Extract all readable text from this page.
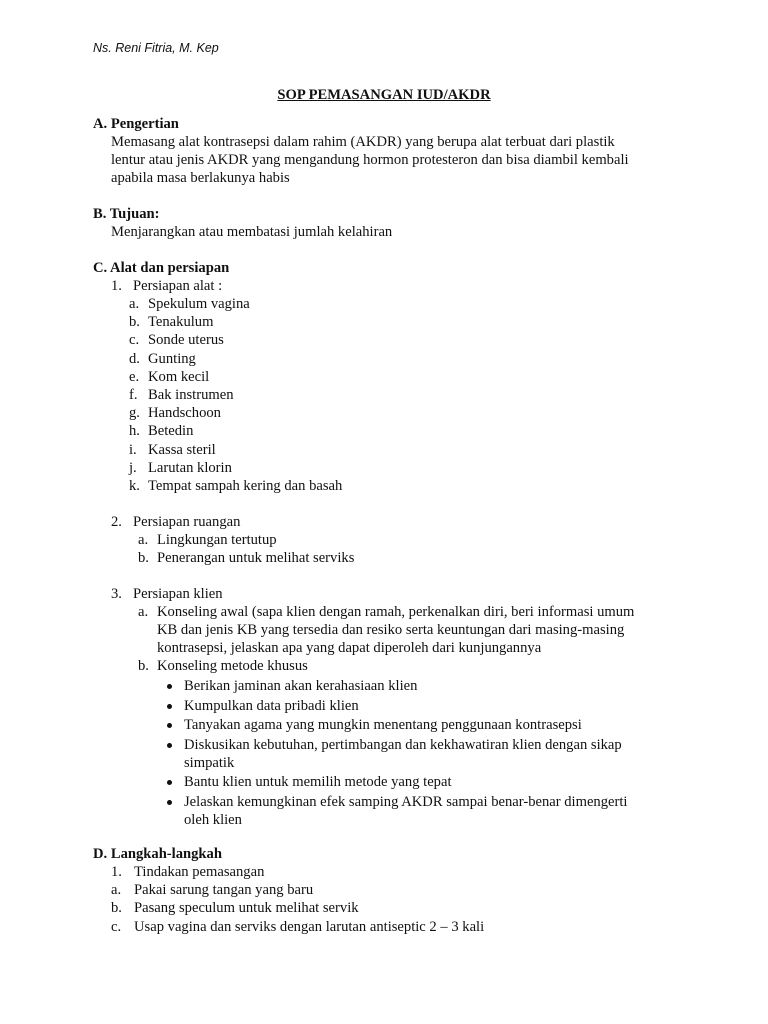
Ns. Reni Fitria, M. Kep
SOP PEMASANGAN IUD/AKDR
A. Pengertian
Memasang alat kontrasepsi dalam rahim (AKDR) yang berupa alat terbuat dari plastik
lentur atau jenis AKDR yang mengandung hormon protesteron dan bisa diambil kembali
apabila masa berlakunya habis
B. Tujuan:
Menjarangkan atau membatasi jumlah kelahiran
C. Alat dan persiapan
1. Persiapan alat :
a. Spekulum vagina
b. Tenakulum
c. Sonde uterus
d. Gunting
e. Kom kecil
f. Bak instrumen
g. Handschoon
h. Betedin
i. Kassa steril
j. Larutan klorin
k. Tempat sampah kering dan basah
2. Persiapan ruangan
a. Lingkungan tertutup
b. Penerangan untuk melihat serviks
3. Persiapan klien
a. Konseling awal (sapa klien dengan ramah, perkenalkan diri, beri informasi umum
KB dan jenis KB yang tersedia dan resiko serta keuntungan dari masing-masing
kontrasepsi, jelaskan apa yang dapat diperoleh dari kunjungannya
b. Konseling metode khusus
Berikan jaminan akan kerahasiaan klien
Kumpulkan data pribadi klien
Tanyakan agama yang mungkin menentang penggunaan kontrasepsi
Diskusikan kebutuhan, pertimbangan dan kekhawatiran klien dengan sikap
simpatik
Bantu klien untuk memilih metode yang tepat
Jelaskan kemungkinan efek samping AKDR sampai benar-benar dimengerti
oleh klien
D. Langkah-langkah
1. Tindakan pemasangan
a. Pakai sarung tangan yang baru
b. Pasang speculum untuk melihat servik
c. Usap vagina dan serviks dengan larutan antiseptic 2 – 3 kali
